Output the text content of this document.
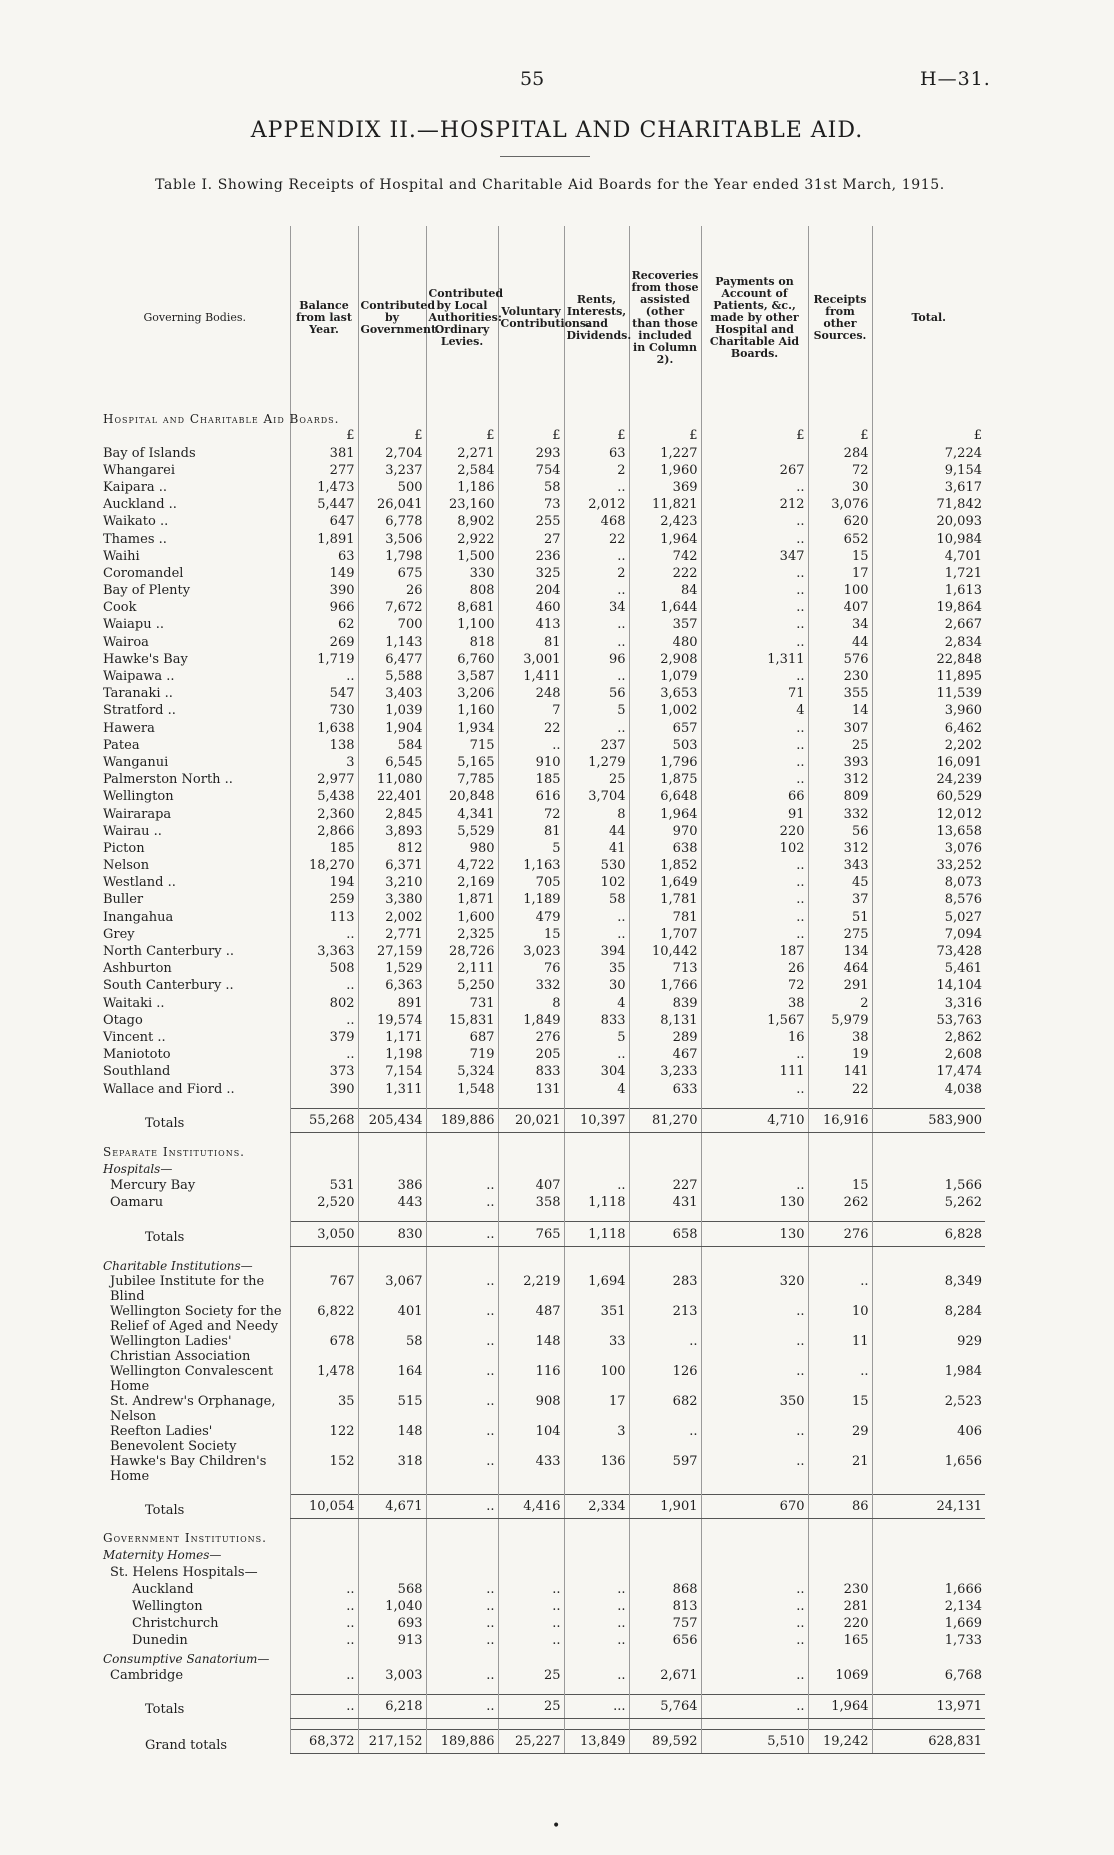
55	H—31.
APPENDIX II.—HOSPITAL AND CHARITABLE AID.
Table I. Showing Receipts of Hospital and Charitable Aid Boards for the Year ended 31st March, 1915.
Governing Bodies.	Balance from last Year.	Contributed by Government.	Contributed by Local Authorities: Ordinary Levies.	Voluntary Contributions.	Rents, Interests, and Dividends.	Recoveries from those assisted (other than those included in Column 2).	Payments on Account of Patients, &c., made by other Hospital and Charitable Aid Boards.	Receipts from other Sources.	Total.
Hospital and Charitable Aid Boards.									
	£	£	£	£	£	£	£	£	£
Bay of Islands	381	2,704	2,271	293	63	1,227		284	7,224
Whangarei	277	3,237	2,584	754	2	1,960	267	72	9,154
Kaipara ..	1,473	500	1,186	58	..	369	..	30	3,617
Auckland ..	5,447	26,041	23,160	73	2,012	11,821	212	3,076	71,842
Waikato ..	647	6,778	8,902	255	468	2,423	..	620	20,093
Thames ..	1,891	3,506	2,922	27	22	1,964	..	652	10,984
Waihi	63	1,798	1,500	236	..	742	347	15	4,701
Coromandel	149	675	330	325	2	222	..	17	1,721
Bay of Plenty	390	26	808	204	..	84	..	100	1,613
Cook	966	7,672	8,681	460	34	1,644	..	407	19,864
Waiapu ..	62	700	1,100	413	..	357	..	34	2,667
Wairoa	269	1,143	818	81	..	480	..	44	2,834
Hawke's Bay	1,719	6,477	6,760	3,001	96	2,908	1,311	576	22,848
Waipawa ..	..	5,588	3,587	1,411	..	1,079	..	230	11,895
Taranaki ..	547	3,403	3,206	248	56	3,653	71	355	11,539
Stratford ..	730	1,039	1,160	7	5	1,002	4	14	3,960
Hawera	1,638	1,904	1,934	22	..	657	..	307	6,462
Patea	138	584	715	..	237	503	..	25	2,202
Wanganui	3	6,545	5,165	910	1,279	1,796	..	393	16,091
Palmerston North ..	2,977	11,080	7,785	185	25	1,875	..	312	24,239
Wellington	5,438	22,401	20,848	616	3,704	6,648	66	809	60,529
Wairarapa	2,360	2,845	4,341	72	8	1,964	91	332	12,012
Wairau ..	2,866	3,893	5,529	81	44	970	220	56	13,658
Picton	185	812	980	5	41	638	102	312	3,076
Nelson	18,270	6,371	4,722	1,163	530	1,852	..	343	33,252
Westland ..	194	3,210	2,169	705	102	1,649	..	45	8,073
Buller	259	3,380	1,871	1,189	58	1,781	..	37	8,576
Inangahua	113	2,002	1,600	479	..	781	..	51	5,027
Grey	..	2,771	2,325	15	..	1,707	..	275	7,094
North Canterbury ..	3,363	27,159	28,726	3,023	394	10,442	187	134	73,428
Ashburton	508	1,529	2,111	76	35	713	26	464	5,461
South Canterbury ..	..	6,363	5,250	332	30	1,766	72	291	14,104
Waitaki ..	802	891	731	8	4	839	38	2	3,316
Otago	..	19,574	15,831	1,849	833	8,131	1,567	5,979	53,763
Vincent ..	379	1,171	687	276	5	289	16	38	2,862
Maniototo	..	1,198	719	205	..	467	..	19	2,608
Southland	373	7,154	5,324	833	304	3,233	111	141	17,474
Wallace and Fiord ..	390	1,311	1,548	131	4	633	..	22	4,038

Totals	55,268	205,434	189,886	20,021	10,397	81,270	4,710	16,916	583,900

Separate Institutions.									
Hospitals—									
Mercury Bay	531	386	..	407	..	227	..	15	1,566
Oamaru	2,520	443	..	358	1,118	431	130	262	5,262

Totals	3,050	830	..	765	1,118	658	130	276	6,828

Charitable Institutions—									
Jubilee Institute for the Blind	767	3,067	..	2,219	1,694	283	320	..	8,349
Wellington Society for the Relief of Aged and Needy	6,822	401	..	487	351	213	..	10	8,284
Wellington Ladies' Christian Association	678	58	..	148	33	..	..	11	929
Wellington Convalescent Home	1,478	164	..	116	100	126	..	..	1,984
St. Andrew's Orphanage, Nelson	35	515	..	908	17	682	350	15	2,523
Reefton Ladies' Benevolent Society	122	148	..	104	3	..	..	29	406
Hawke's Bay Children's Home	152	318	..	433	136	597	..	21	1,656

Totals	10,054	4,671	..	4,416	2,334	1,901	670	86	24,131

Government Institutions.									
Maternity Homes—									
St. Helens Hospitals—									
Auckland	..	568	..	..	..	868	..	230	1,666
Wellington	..	1,040	..	..	..	813	..	281	2,134
Christchurch	..	693	..	..	..	757	..	220	1,669
Dunedin	..	913	..	..	..	656	..	165	1,733
Consumptive Sanatorium—									
Cambridge	..	3,003	..	25	..	2,671	..	1069	6,768

Totals	..	6,218	..	25	...	5,764	..	1,964	13,971

Grand totals	68,372	217,152	189,886	25,227	13,849	89,592	5,510	19,242	628,831
•
